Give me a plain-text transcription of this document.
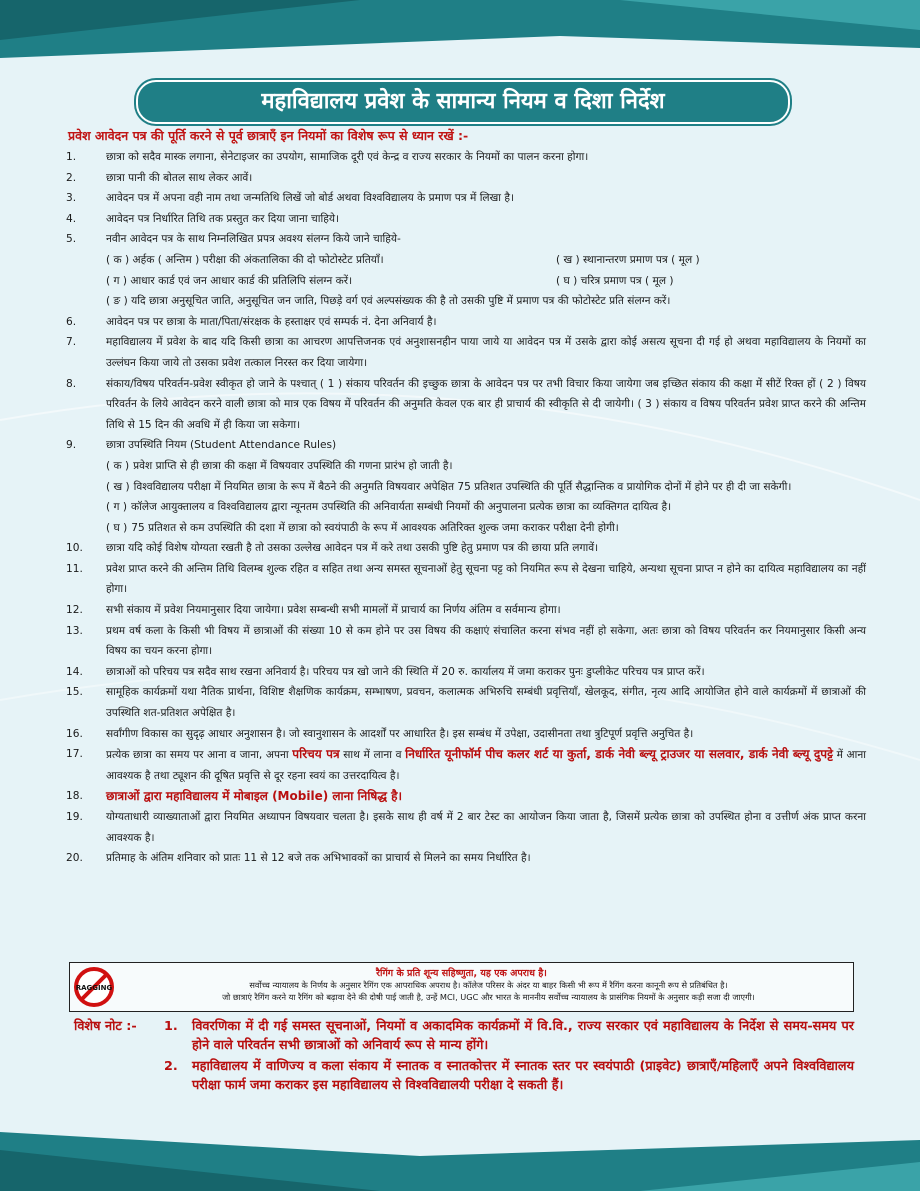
महाविद्यालय प्रवेश के सामान्य नियम व दिशा निर्देश
प्रवेश आवेदन पत्र की पूर्ति करने से पूर्व छात्राएँ इन नियमों का विशेष रूप से ध्यान रखें :-
1.	छात्रा को सदैव मास्क लगाना, सेनेटाइजर का उपयोग, सामाजिक दूरी एवं केन्द्र व राज्य सरकार के नियमों का पालन करना होगा।
2.	छात्रा पानी की बोतल साथ लेकर आवें।
3.	आवेदन पत्र में अपना वही नाम तथा जन्मतिथि लिखें जो बोर्ड अथवा विश्वविद्यालय के प्रमाण पत्र में लिखा है।
4.	आवेदन पत्र निर्धारित तिथि तक प्रस्तुत कर दिया जाना चाहिये।
5.	नवीन आवेदन पत्र के साथ निम्नलिखित प्रपत्र अवश्य संलग्न किये जाने चाहिये-
( क ) अर्हक ( अन्तिम ) परीक्षा की अंकतालिका की दो फोटोस्टेट प्रतियाँ।	( ख ) स्थानान्तरण प्रमाण पत्र ( मूल )
( ग ) आधार कार्ड एवं जन आधार कार्ड की प्रतिलिपि संलग्न करें।	( घ ) चरित्र प्रमाण पत्र ( मूल )
( ङ ) यदि छात्रा अनुसूचित जाति, अनुसूचित जन जाति, पिछड़े वर्ग एवं अल्पसंख्यक की है तो उसकी पुष्टि में प्रमाण पत्र की फोटोस्टेट प्रति संलग्न करें।
6.	आवेदन पत्र पर छात्रा के माता/पिता/संरक्षक के हस्ताक्षर एवं सम्पर्क नं. देना अनिवार्य है।
7.	महाविद्यालय में प्रवेश के बाद यदि किसी छात्रा का आचरण आपत्तिजनक एवं अनुशासनहीन पाया जाये या आवेदन पत्र में उसके द्वारा कोई असत्य सूचना दी गई हो अथवा महाविद्यालय के नियमों का उल्लंघन किया जाये तो उसका प्रवेश तत्काल निरस्त कर दिया जायेगा।
8.	संकाय/विषय परिवर्तन-प्रवेश स्वीकृत हो जाने के पश्चात् ( 1 ) संकाय परिवर्तन की इच्छुक छात्रा के आवेदन पत्र पर तभी विचार किया जायेगा जब इच्छित संकाय की कक्षा में सीटें रिक्त हों ( 2 ) विषय परिवर्तन के लिये आवेदन करने वाली छात्रा को मात्र एक विषय में परिवर्तन की अनुमति केवल एक बार ही प्राचार्य की स्वीकृति से दी जायेगी। ( 3 ) संकाय व विषय परिवर्तन प्रवेश प्राप्त करने की अन्तिम तिथि से 15 दिन की अवधि में ही किया जा सकेगा।
9.	छात्रा उपस्थिति नियम (Student Attendance Rules)
( क ) प्रवेश प्राप्ति से ही छात्रा की कक्षा में विषयवार उपस्थिति की गणना प्रारंभ हो जाती है।
( ख ) विश्वविद्यालय परीक्षा में नियमित छात्रा के रूप में बैठने की अनुमति विषयवार अपेक्षित 75 प्रतिशत उपस्थिति की पूर्ति सैद्धान्तिक व प्रायोगिक दोनों में होने पर ही दी जा सकेगी।
( ग ) कॉलेज आयुक्तालय व विश्वविद्यालय द्वारा न्यूनतम उपस्थिति की अनिवार्यता सम्बंधी नियमों की अनुपालना प्रत्येक छात्रा का व्यक्तिगत दायित्व है।
( घ ) 75 प्रतिशत से कम उपस्थिति की दशा में छात्रा को स्वयंपाठी के रूप में आवश्यक अतिरिक्त शुल्क जमा कराकर परीक्षा देनी होगी।
10.	छात्रा यदि कोई विशेष योग्यता रखती है तो उसका उल्लेख आवेदन पत्र में करे तथा उसकी पुष्टि हेतु प्रमाण पत्र की छाया प्रति लगावें।
11.	प्रवेश प्राप्त करने की अन्तिम तिथि विलम्ब शुल्क रहित व सहित तथा अन्य समस्त सूचनाओं हेतु सूचना पट्ट को नियमित रूप से देखना चाहिये, अन्यथा सूचना प्राप्त न होने का दायित्व महाविद्यालय का नहीं होगा।
12.	सभी संकाय में प्रवेश नियमानुसार दिया जायेगा। प्रवेश सम्बन्धी सभी मामलों में प्राचार्य का निर्णय अंतिम व सर्वमान्य होगा।
13.	प्रथम वर्ष कला के किसी भी विषय में छात्राओं की संख्या 10 से कम होने पर उस विषय की कक्षाएं संचालित करना संभव नहीं हो सकेगा, अतः छात्रा को विषय परिवर्तन कर नियमानुसार किसी अन्य विषय का चयन करना होगा।
14.	छात्राओं को परिचय पत्र सदैव साथ रखना अनिवार्य है। परिचय पत्र खो जाने की स्थिति में 20 रु. कार्यालय में जमा कराकर पुनः डुप्लीकेट परिचय पत्र प्राप्त करें।
15.	सामूहिक कार्यक्रमों यथा नैतिक प्रार्थना, विशिष्ट शैक्षणिक कार्यक्रम, सम्भाषण, प्रवचन, कलात्मक अभिरुचि सम्बंधी प्रवृत्तियाँ, खेलकूद, संगीत, नृत्य आदि आयोजित होने वाले कार्यक्रमों में छात्राओं की उपस्थिति शत-प्रतिशत अपेक्षित है।
16.	सर्वांगीण विकास का सुदृढ़ आधार अनुशासन है। जो स्वानुशासन के आदर्शों पर आधारित है। इस सम्बंध में उपेक्षा, उदासीनता तथा त्रुटिपूर्ण प्रवृत्ति अनुचित है।
17.	प्रत्येक छात्रा का समय पर आना व जाना, अपना परिचय पत्र साथ में लाना व निर्धारित यूनीफॉर्म पीच कलर शर्ट या कुर्ता, डार्क नेवी ब्ल्यू ट्राउजर या सलवार, डार्क नेवी ब्ल्यू दुपट्टे में आना आवश्यक है तथा ट्यूशन की दूषित प्रवृत्ति से दूर रहना स्वयं का उत्तरदायित्व है।
18.	छात्राओं द्वारा महाविद्यालय में मोबाइल (Mobile) लाना निषिद्ध है।
19.	योग्यताधारी व्याख्याताओं द्वारा नियमित अध्यापन विषयवार चलता है। इसके साथ ही वर्ष में 2 बार टेस्ट का आयोजन किया जाता है, जिसमें प्रत्येक छात्रा को उपस्थित होना व उत्तीर्ण अंक प्राप्त करना आवश्यक है।
20.	प्रतिमाह के अंतिम शनिवार को प्रातः 11 से 12 बजे तक अभिभावकों का प्राचार्य से मिलने का समय निर्धारित है।
RAGGING
रैगिंग के प्रति शून्य सहिष्णुता, यह एक अपराध है।
सर्वोच्च न्यायालय के निर्णय के अनुसार रैगिंग एक आपराधिक अपराध है। कॉलेज परिसर के अंदर या बाहर किसी भी रूप में रैगिंग करना कानूनी रूप से प्रतिबंधित है।
जो छात्राएं रैगिंग करने या रैगिंग को बढ़ावा देने की दोषी पाई जाती है, उन्हें MCI, UGC और भारत के माननीय सर्वोच्च न्यायालय के प्रासंगिक नियमों के अनुसार कड़ी सजा दी जाएगी।
विशेष नोट :- 1.	विवरणिका में दी गई समस्त सूचनाओं, नियमों व अकादमिक कार्यक्रमों में वि.वि., राज्य सरकार एवं महाविद्यालय के निर्देश से समय-समय पर होने वाले परिवर्तन सभी छात्राओं को अनिवार्य रूप से मान्य होंगे।
2.	महाविद्यालय में वाणिज्य व कला संकाय में स्नातक व स्नातकोत्तर में स्नातक स्तर पर स्वयंपाठी (प्राइवेट) छात्राएँ/महिलाएँ अपने विश्वविद्यालय परीक्षा फार्म जमा कराकर इस महाविद्यालय से विश्वविद्यालयी परीक्षा दे सकती हैं।
